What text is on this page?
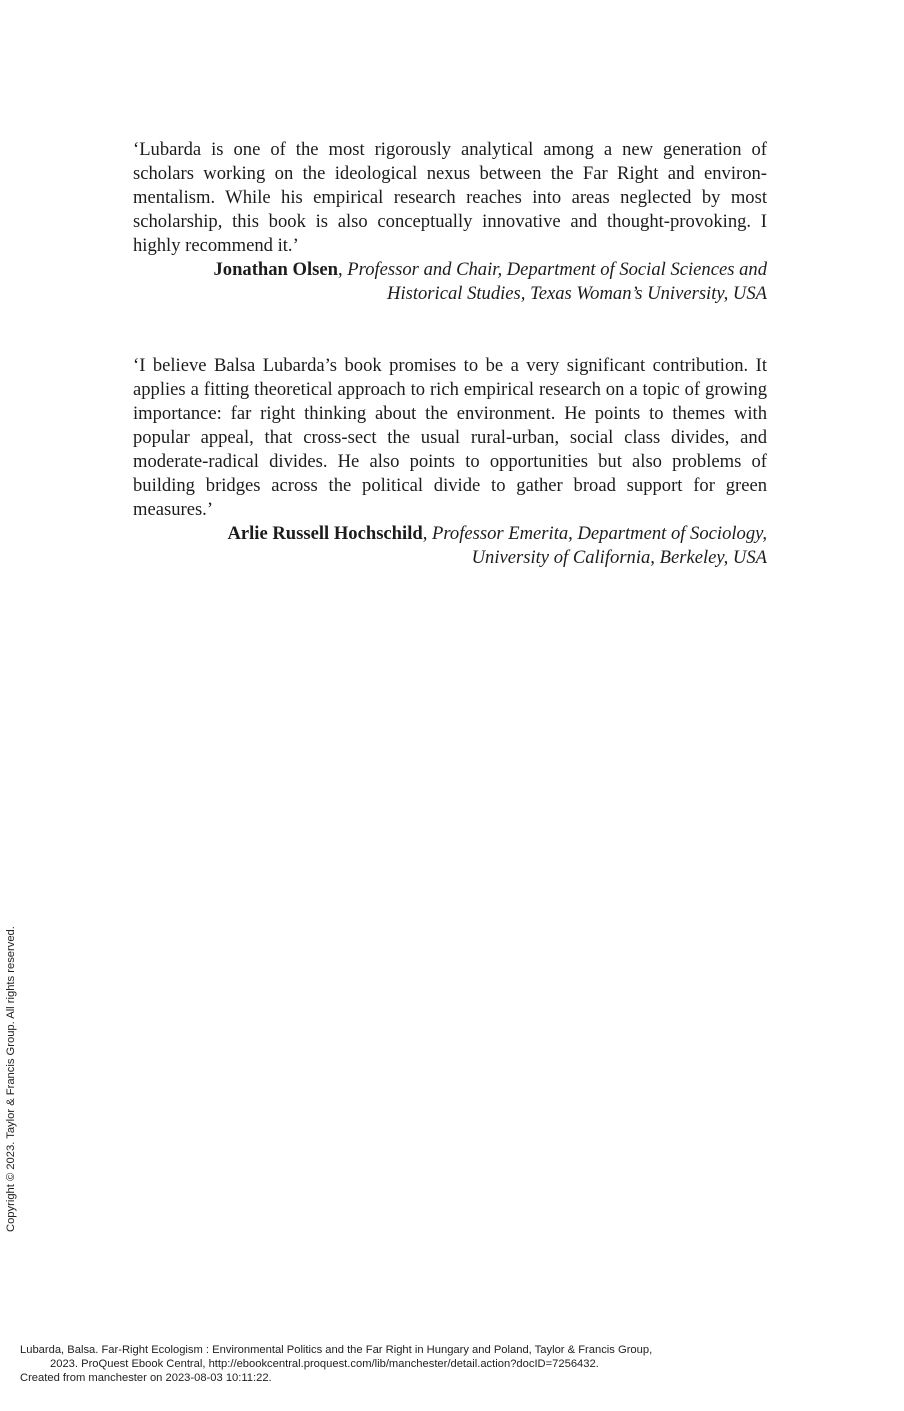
‘Lubarda is one of the most rigorously analytical among a new generation of scholars working on the ideological nexus between the Far Right and environmentalism. While his empirical research reaches into areas neglected by most scholarship, this book is also conceptually innovative and thought-provoking. I highly recommend it.’

Jonathan Olsen, Professor and Chair, Department of Social Sciences and
Historical Studies, Texas Woman’s University, USA

‘I believe Balsa Lubarda’s book promises to be a very significant contribution. It applies a fitting theoretical approach to rich empirical research on a topic of growing importance: far right thinking about the environment. He points to themes with popular appeal, that cross-sect the usual rural-urban, social class divides, and moderate-radical divides. He also points to opportunities but also problems of building bridges across the political divide to gather broad support for green measures.’

Arlie Russell Hochschild, Professor Emerita, Department of Sociology,
University of California, Berkeley, USA

Copyright © 2023. Taylor & Francis Group. All rights reserved.
Lubarda, Balsa. Far-Right Ecologism : Environmental Politics and the Far Right in Hungary and Poland, Taylor & Francis Group,
2023. ProQuest Ebook Central, http://ebookcentral.proquest.com/lib/manchester/detail.action?docID=7256432.
Created from manchester on 2023-08-03 10:11:22.
